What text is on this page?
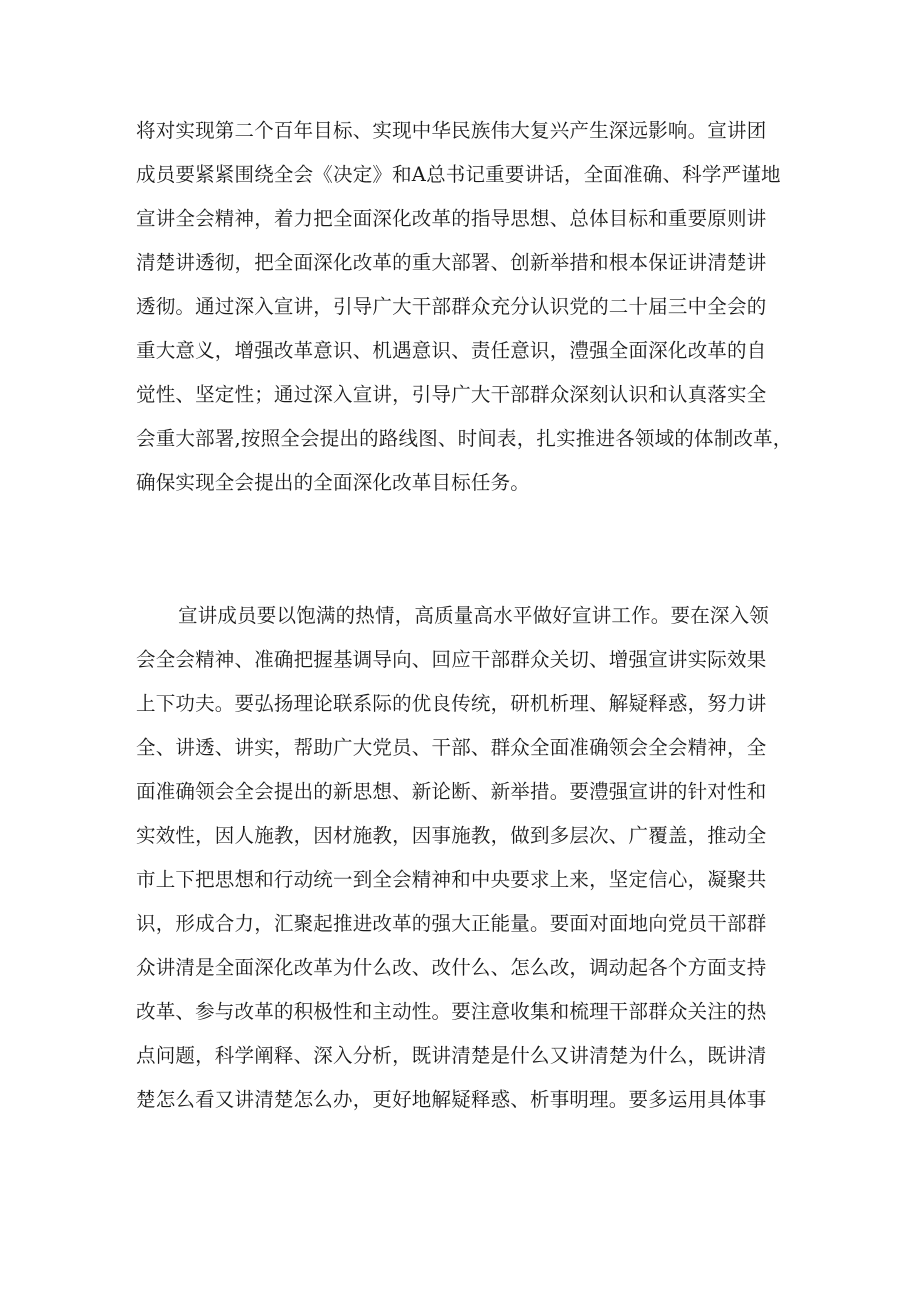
将对实现第二个百年目标、实现中华民族伟大复兴产生深远影响。宣讲团
成员要紧紧围绕全会《决定》和A总书记重要讲话，全面准确、科学严谨地
宣讲全会精神，着力把全面深化改革的指导思想、总体目标和重要原则讲
清楚讲透彻，把全面深化改革的重大部署、创新举措和根本保证讲清楚讲
透彻。通过深入宣讲，引导广大干部群众充分认识党的二十届三中全会的
重大意义，增强改革意识、机遇意识、责任意识，澧强全面深化改革的自
觉性、坚定性；通过深入宣讲，引导广大干部群众深刻认识和认真落实全
会重大部署,按照全会提出的路线图、时间表，扎实推进各领域的体制改革，
确保实现全会提出的全面深化改革目标任务。
宣讲成员要以饱满的热情，高质量高水平做好宣讲工作。要在深入领
会全会精神、准确把握基调导向、回应干部群众关切、增强宣讲实际效果
上下功夫。要弘扬理论联系际的优良传统，研机析理、解疑释惑，努力讲
全、讲透、讲实，帮助广大党员、干部、群众全面准确领会全会精神，全
面准确领会全会提出的新思想、新论断、新举措。要澧强宣讲的针对性和
实效性，因人施教，因材施教，因事施教，做到多层次、广覆盖，推动全
市上下把思想和行动统一到全会精神和中央要求上来，坚定信心，凝聚共
识，形成合力，汇聚起推进改革的强大正能量。要面对面地向党员干部群
众讲清是全面深化改革为什么改、改什么、怎么改，调动起各个方面支持
改革、参与改革的积极性和主动性。要注意收集和梳理干部群众关注的热
点问题，科学阐释、深入分析，既讲清楚是什么又讲清楚为什么，既讲清
楚怎么看又讲清楚怎么办，更好地解疑释惑、析事明理。要多运用具体事
